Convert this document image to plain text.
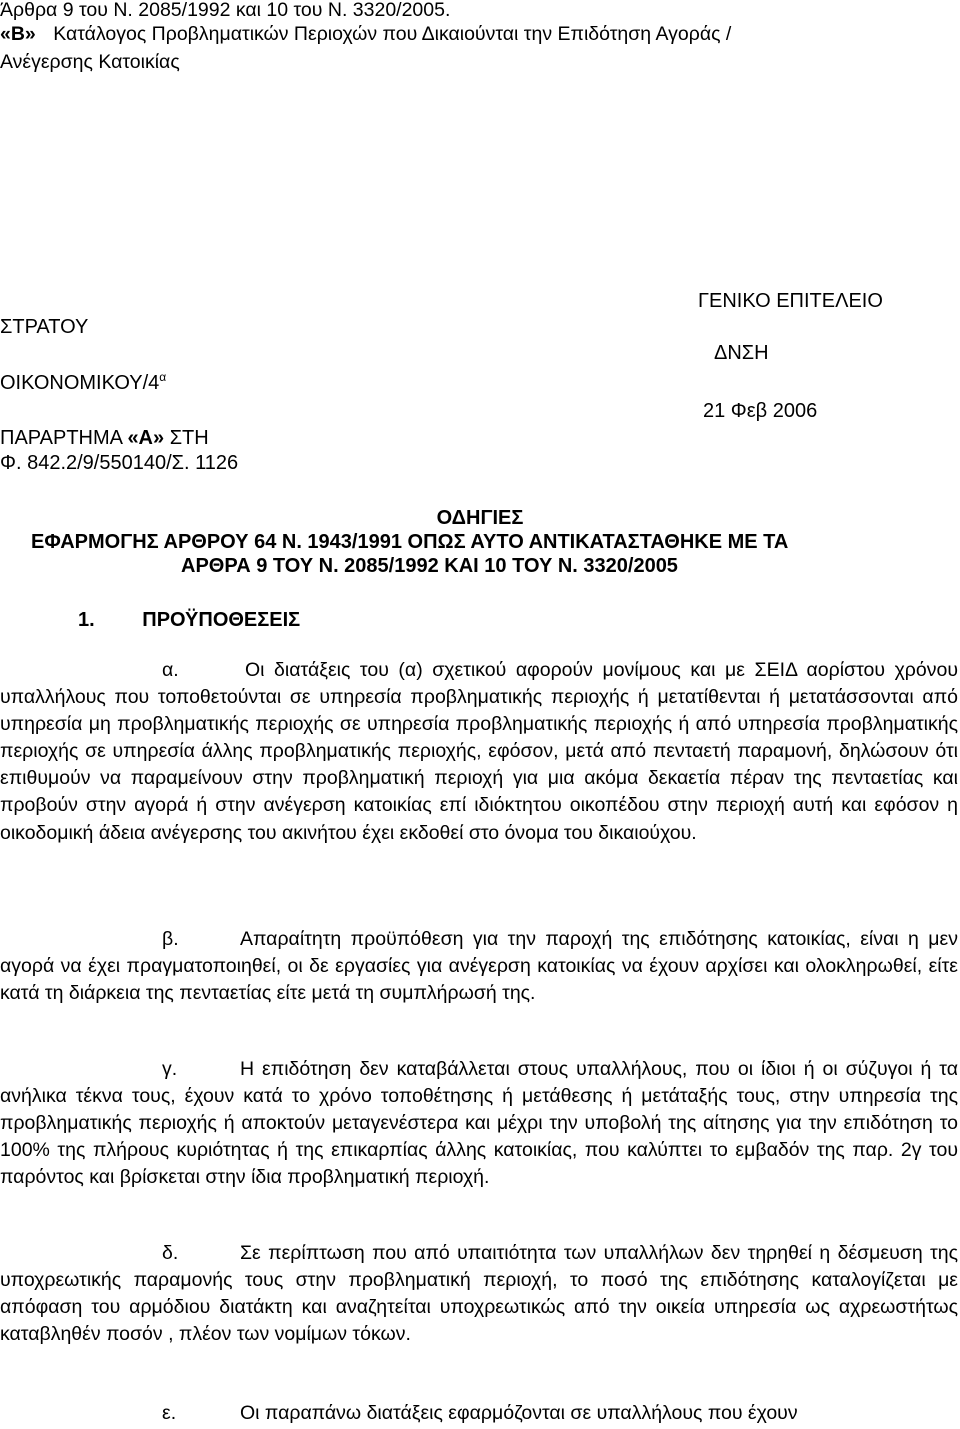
Άρθρα 9 του Ν. 2085/1992 και 10 του Ν. 3320/2005.
«Β» Κατάλογος Προβληματικών Περιοχών που Δικαιούνται την Επιδότηση Αγοράς /
Ανέγερσης Κατοικίας
ΓΕΝΙΚΟ ΕΠΙΤΕΛΕΙΟ
ΣΤΡΑΤΟΥ
ΔΝΣΗ
ΟΙΚΟΝΟΜΙΚΟΥ/$4^\alpha$
21 Φεβ 2006
ΠΑΡΑΡΤΗΜΑ «Α» ΣΤΗ
Φ. 842.2/9/550140/Σ. 1126
ΟΔΗΓΙΕΣ
ΕΦΑΡΜΟΓΗΣ ΑΡΘΡΟΥ 64 Ν. 1943/1991 ΟΠΩΣ ΑΥΤΟ ΑΝΤΙΚΑΤΑΣΤΑΘΗΚΕ ΜΕ ΤΑ
ΑΡΘΡΑ 9 ΤΟΥ Ν. 2085/1992 ΚΑΙ 10 ΤΟΥ Ν. 3320/2005
1. ΠΡΟΫΠΟΘΕΣΕΙΣ
α.	Οι διατάξεις του (α) σχετικού αφορούν μονίμους και με ΣΕΙΔ αορίστου χρόνου υπαλλήλους που τοποθετούνται σε υπηρεσία προβληματικής περιοχής ή μετατίθενται ή μετατάσσονται από υπηρεσία μη προβληματικής περιοχής σε υπηρεσία προβληματικής περιοχής ή από υπηρεσία προβληματικής περιοχής σε υπηρεσία άλλης προβληματικής περιοχής, εφόσον, μετά από πενταετή παραμονή, δηλώσουν ότι επιθυμούν να παραμείνουν στην προβληματική περιοχή για μια ακόμα δεκαετία πέραν της πενταετίας και προβούν στην αγορά ή στην ανέγερση κατοικίας επί ιδιόκτητου οικοπέδου στην περιοχή αυτή και εφόσον η οικοδομική άδεια ανέγερσης του ακινήτου έχει εκδοθεί στο όνομα του δικαιούχου.
β.	Απαραίτητη προϋπόθεση για την παροχή της επιδότησης κατοικίας, είναι η μεν αγορά να έχει πραγματοποιηθεί, οι δε εργασίες για ανέγερση κατοικίας να έχουν αρχίσει και ολοκληρωθεί, είτε κατά τη διάρκεια της πενταετίας είτε μετά τη συμπλήρωσή της.
γ.	Η επιδότηση δεν καταβάλλεται στους υπαλλήλους, που οι ίδιοι ή οι σύζυγοι ή τα ανήλικα τέκνα τους, έχουν κατά το χρόνο τοποθέτησης ή μετάθεσης ή μετάταξής τους, στην υπηρεσία της προβληματικής περιοχής ή αποκτούν μεταγενέστερα και μέχρι την υποβολή της αίτησης για την επιδότηση το 100% της πλήρους κυριότητας ή της επικαρπίας άλλης κατοικίας, που καλύπτει το εμβαδόν της παρ. 2γ του παρόντος και βρίσκεται στην ίδια προβληματική περιοχή.
δ.	Σε περίπτωση που από υπαιτιότητα των υπαλλήλων δεν τηρηθεί η δέσμευση της υποχρεωτικής παραμονής τους στην προβληματική περιοχή, το ποσό της επιδότησης καταλογίζεται με απόφαση του αρμόδιου διατάκτη και αναζητείται υποχρεωτικώς από την οικεία υπηρεσία ως αχρεωστήτως καταβληθέν ποσόν , πλέον των νομίμων τόκων.
ε.	Οι παραπάνω διατάξεις εφαρμόζονται σε υπαλλήλους που έχουν
